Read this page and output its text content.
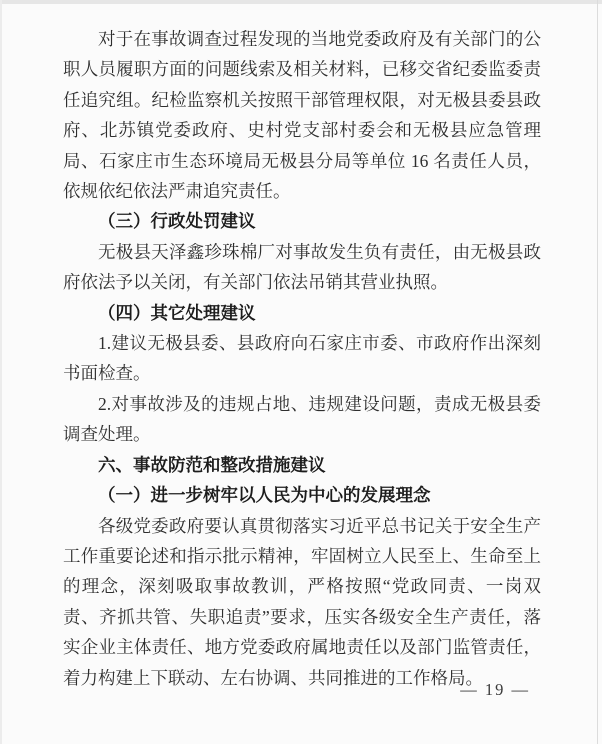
对于在事故调查过程发现的当地党委政府及有关部门的公职人员履职方面的问题线索及相关材料，已移交省纪委监委责任追究组。纪检监察机关按照干部管理权限，对无极县委县政府、北苏镇党委政府、史村党支部村委会和无极县应急管理局、石家庄市生态环境局无极县分局等单位 16 名责任人员，依规依纪依法严肃追究责任。

（三）行政处罚建议

无极县天泽鑫珍珠棉厂对事故发生负有责任，由无极县政府依法予以关闭，有关部门依法吊销其营业执照。

（四）其它处理建议

1.建议无极县委、县政府向石家庄市委、市政府作出深刻书面检查。

2.对事故涉及的违规占地、违规建设问题，责成无极县委调查处理。

六、事故防范和整改措施建议
（一）进一步树牢以人民为中心的发展理念

各级党委政府要认真贯彻落实习近平总书记关于安全生产工作重要论述和指示批示精神，牢固树立人民至上、生命至上的理念，深刻吸取事故教训，严格按照“党政同责、一岗双责、齐抓共管、失职追责”要求，压实各级安全生产责任，落实企业主体责任、地方党委政府属地责任以及部门监管责任，着力构建上下联动、左右协调、共同推进的工作格局。

— 19 —
